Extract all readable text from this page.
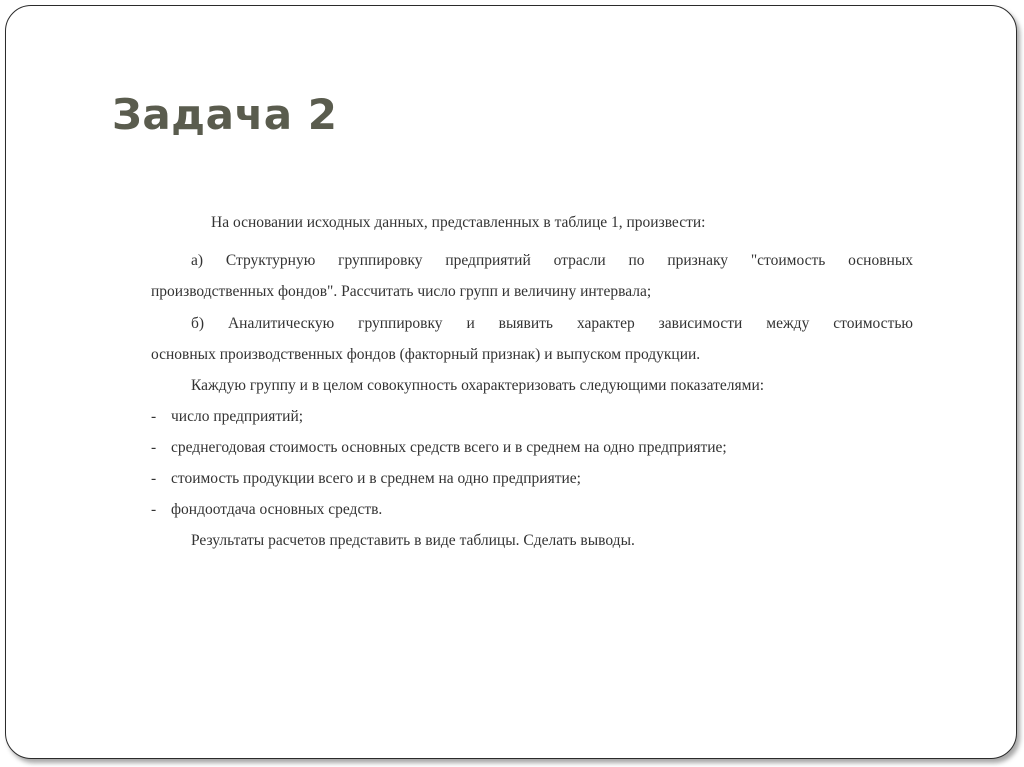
Задача 2
На основании исходных данных, представленных в таблице 1, произвести:
а) Структурную группировку предприятий отрасли по признаку "стоимость основных
производственных фондов". Рассчитать число групп и величину интервала;
б) Аналитическую группировку и выявить характер зависимости между стоимостью
основных производственных фондов (факторный признак) и выпуском продукции.
Каждую группу и в целом совокупность охарактеризовать следующими показателями:
- число предприятий;
- среднегодовая стоимость основных средств всего и в среднем на одно предприятие;
- стоимость продукции всего и в среднем на одно предприятие;
- фондоотдача основных средств.
Результаты расчетов представить в виде таблицы. Сделать выводы.
